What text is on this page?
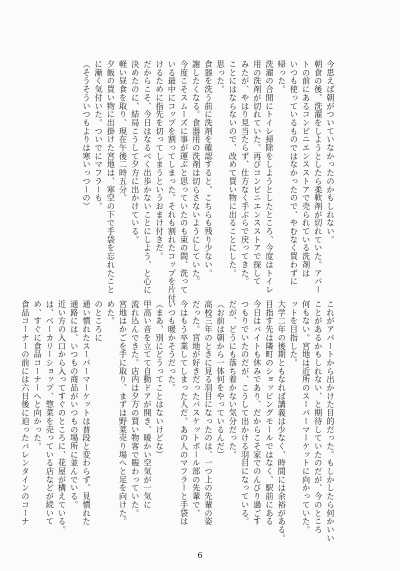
今思えば朝がついていなかったのかもしれない。
朝食の後、洗濯をしようとしたら柔軟剤が切れていた。アパー
トの前にあるコンビニエンスストアで売られている洗剤は
いつも使っているものではなかったので、やむなく買わずに
帰った。
洗濯の合間にトイレ掃除をしようとしたところ、今度はトイレ
用の洗剤が切れていた。再びコンビニエンスストアで探して
みたが、やはり見当たらず、仕方なく手ぶらで戻ってきた。
ことにはならないので、改めて買い物に出ることにした。
思った。
食器を洗う前に洗剤を確認すると、こちらも残り少ない。
謝したくなる。食器用の洗剤は切らさないようにしていた。
今度こそスムーズに事が運ぶと思っていたのも束の間、洗って
いる最中にコップを割ってしまった。それも割れたコップを片付
けるために指先を切ってしまうというおまけ付きだ。
だからこそ、今日はなるべく出歩かないことにしよう、と心に
決めたのに、結局こうして夕方に出かけている。
軽い昼食を取り、現在午後二時五分。
夕飯の買い物に出掛けた宮地は、寒空の下で手袋を忘れたこと
に漸く気付いた。ついでにマフラーも。
（そうそういつもよりは寒いっつーの）
これがアパートから出かけた目的だった。もしかしたら何かいい
ことがあるかもしれない、と期待していたのだが、今のところ
何もない。宮地は近所のスーパーマーケットに向かっていた。
ットを目指した。
大学二年の後期ともなれば講義は少なく、時間には余裕がある。
目指す先は隣町のショッピングモールではなく、駅前にある
今日はバイトも休みであり、だからこそ家でのんびり過ごす
つもりでいたのだが、こうして出かける羽目になっている。
だが、どうにも落ち着かない気分だった。
（お前は朝から一体何をやっているんだ）
高校三年のときに見る羽目になったのは、一つ上の先輩の姿
だった。宮地が好きだったバスケットボール部の先輩で、
今はもう卒業してしまった人だ。あの人のマフラーと手袋は
いつも暖かそうだった。
（まあ、別にどうってことはないけどな）
甲高い音を立てて自動ドアが開き、暖かい空気が一気に
流れ込んできた。店内は夕方の買い物客で賑わっていた。
宮地はかごを手に取り、まずは野菜売り場へと足を向けた。
めた。
のところに
通い慣れたスーパーマーケットは普段と変わらず、見慣れた
通路には、いつもの商品がいつもの場所に並んでいる。
近い方の入口から入ってすぐのところに、花屋が構えている。
は、ベーカリーショップ、惣菜を売っている店などが続いて
め、すぐに食品コーナーへと向かった。
食品コーナーの前には六日後に迫ったバレンタインのコーナ
6
